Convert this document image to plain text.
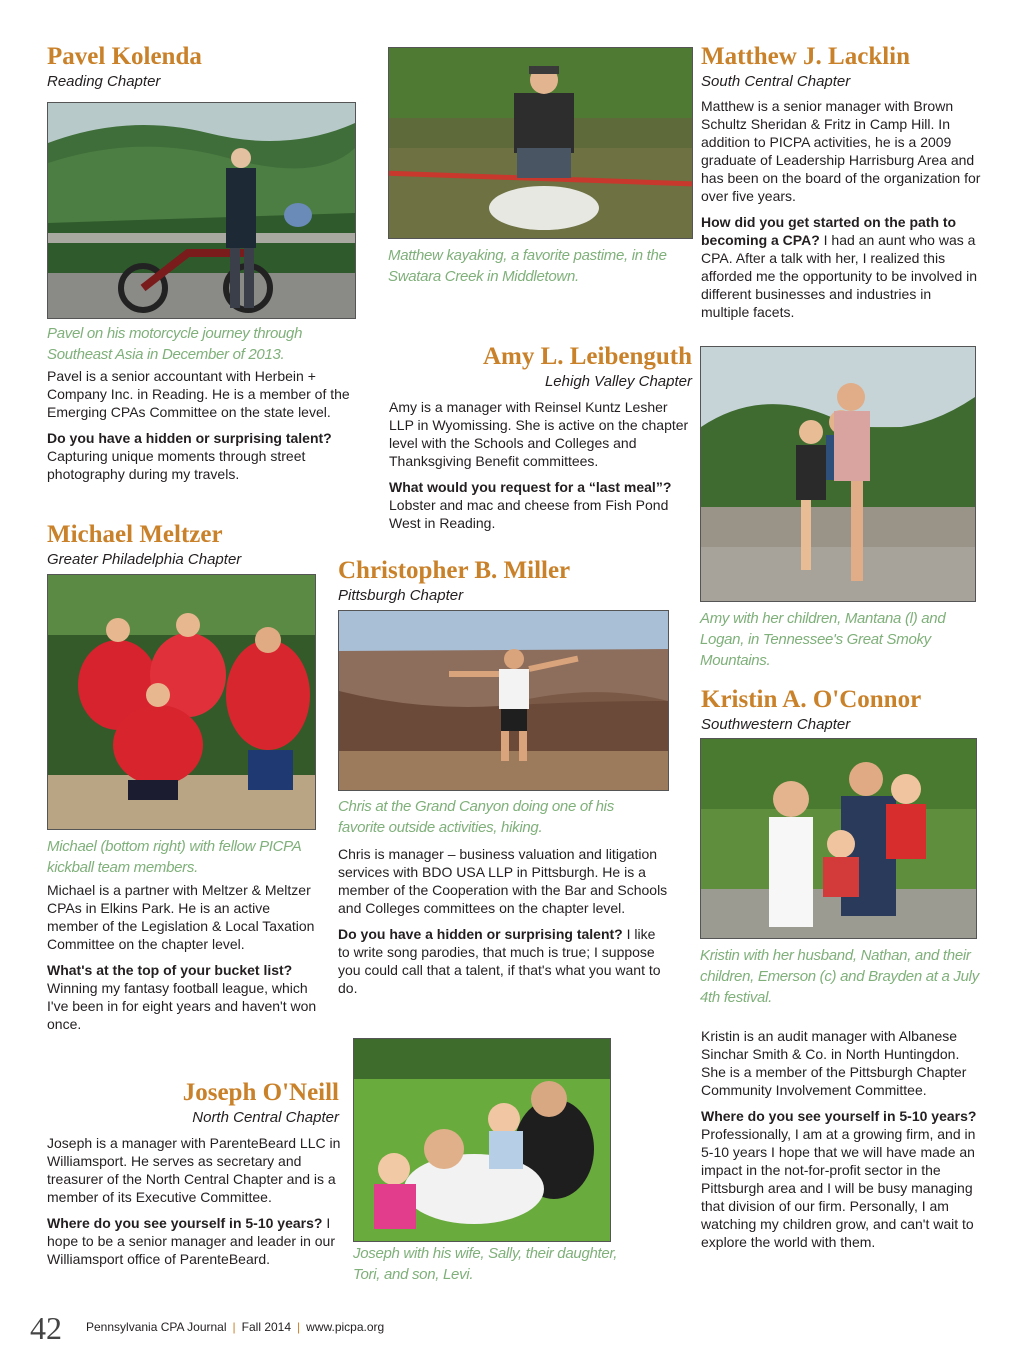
Pavel Kolenda

Reading Chapter

Pavel on his motorcycle journey through Southeast Asia in December of 2013.

Pavel is a senior accountant with Herbein + Company Inc. in Reading. He is a member of the Emerging CPAs Committee on the state level.

Do you have a hidden or surprising talent? Capturing unique moments through street photography during my travels.

Michael Meltzer

Greater Philadelphia Chapter

Michael (bottom right) with fellow PICPA kickball team members.

Michael is a partner with Meltzer & Meltzer CPAs in Elkins Park. He is an active member of the Legislation & Local Taxation Committee on the chapter level.

What's at the top of your bucket list? Winning my fantasy football league, which I've been in for eight years and haven't won once.

Joseph O'Neill

North Central Chapter

Joseph is a manager with ParenteBeard LLC in Williamsport. He serves as secretary and treasurer of the North Central Chapter and is a member of its Executive Committee.

Where do you see yourself in 5-10 years? I hope to be a senior manager and leader in our Williamsport office of ParenteBeard.	Joseph with his wife, Sally, their daughter, Tori, and son, Levi.
Matthew kayaking, a favorite pastime, in the Swatara Creek in Middletown.
Matthew J. Lacklin

South Central Chapter

Matthew is a senior manager with Brown Schultz Sheridan & Fritz in Camp Hill. In addition to PICPA activities, he is a 2009 graduate of Leadership Harrisburg Area and has been on the board of the organization for over five years.

How did you get started on the path to becoming a CPA? I had an aunt who was a CPA. After a talk with her, I realized this afforded me the opportunity to be involved in different businesses and industries in multiple facets.

Amy L. Leibenguth

Lehigh Valley Chapter

Amy is a manager with Reinsel Kuntz Lesher LLP in Wyomissing. She is active on the chapter level with the Schools and Colleges and Thanksgiving Benefit committees.

What would you request for a “last meal”? Lobster and mac and cheese from Fish Pond West in Reading.

Amy with her children, Mantana (l) and Logan, in Tennessee's Great Smoky Mountains.
Christopher B. Miller

Pittsburgh Chapter

Chris at the Grand Canyon doing one of his favorite outside activities, hiking.

Chris is manager – business valuation and litigation services with BDO USA LLP in Pittsburgh. He is a member of the Cooperation with the Bar and Schools and Colleges committees on the chapter level.

Do you have a hidden or surprising talent? I like to write song parodies, that much is true; I suppose you could call that a talent, if that's what you want to do.

Kristin A. O'Connor

Southwestern Chapter

Kristin with her husband, Nathan, and their children, Emerson (c) and Brayden at a July 4th festival.

Kristin is an audit manager with Albanese Sinchar Smith & Co. in North Huntingdon. She is a member of the Pittsburgh Chapter Community Involvement Committee.

Where do you see yourself in 5-10 years? Professionally, I am at a growing firm, and in 5-10 years I hope that we will have made an impact in the not-for-profit sector in the Pittsburgh area and I will be busy managing that division of our firm. Personally, I am watching my children grow, and can't wait to explore the world with them.

42 Pennsylvania CPA Journal | Fall 2014 | www.picpa.org
